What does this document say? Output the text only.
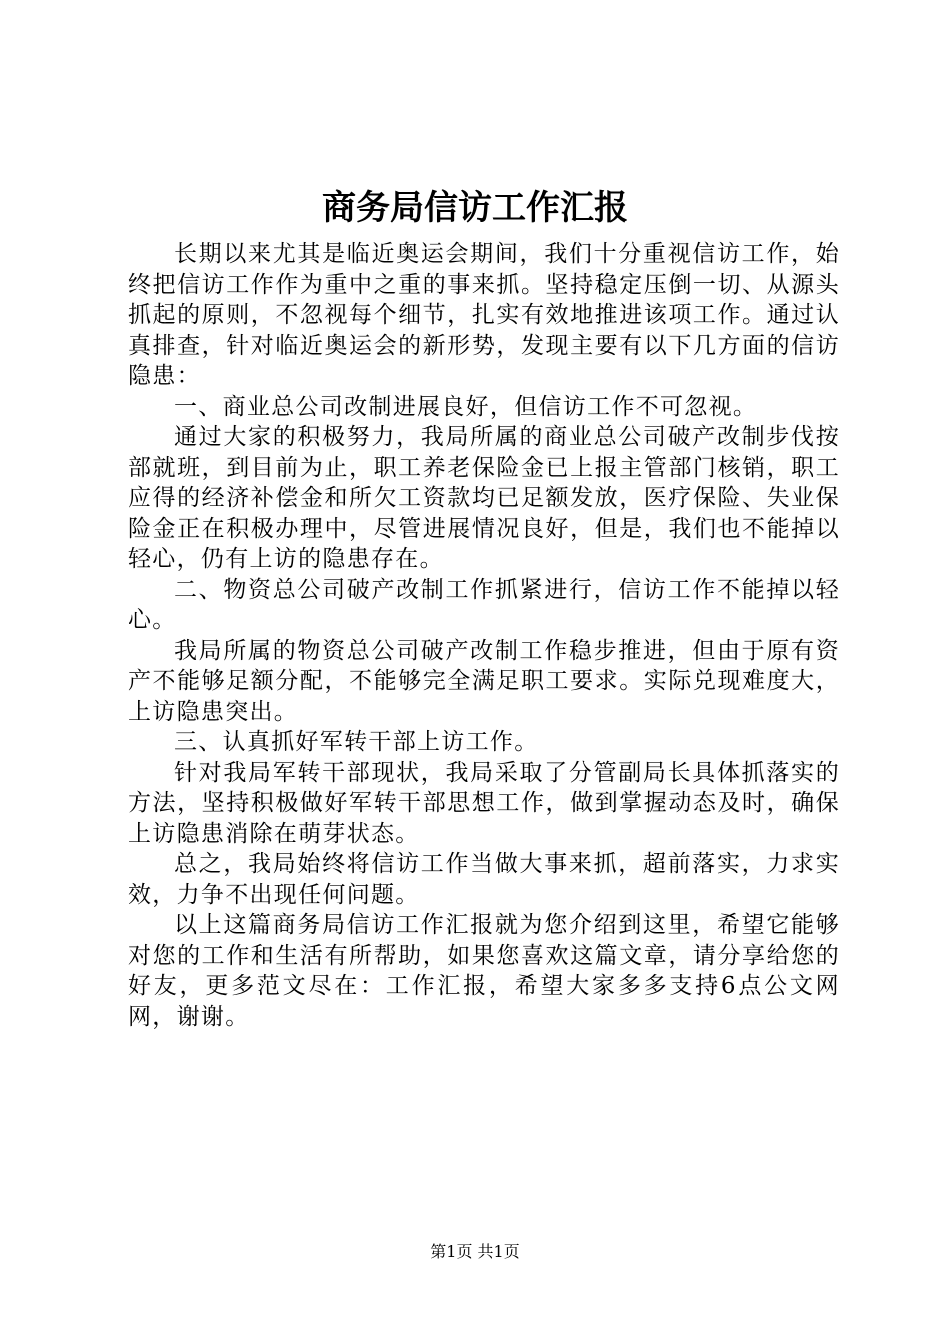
商务局信访工作汇报

长期以来尤其是临近奥运会期间，我们十分重视信访工作，始终把信访工作作为重中之重的事来抓。坚持稳定压倒一切、从源头抓起的原则，不忽视每个细节，扎实有效地推进该项工作。通过认真排查，针对临近奥运会的新形势，发现主要有以下几方面的信访隐患：

一、商业总公司改制进展良好，但信访工作不可忽视。

通过大家的积极努力，我局所属的商业总公司破产改制步伐按部就班，到目前为止，职工养老保险金已上报主管部门核销，职工应得的经济补偿金和所欠工资款均已足额发放，医疗保险、失业保险金正在积极办理中，尽管进展情况良好，但是，我们也不能掉以轻心，仍有上访的隐患存在。

二、物资总公司破产改制工作抓紧进行，信访工作不能掉以轻心。

我局所属的物资总公司破产改制工作稳步推进，但由于原有资产不能够足额分配，不能够完全满足职工要求。实际兑现难度大，上访隐患突出。

三、认真抓好军转干部上访工作。

针对我局军转干部现状，我局采取了分管副局长具体抓落实的方法，坚持积极做好军转干部思想工作，做到掌握动态及时，确保上访隐患消除在萌芽状态。

总之，我局始终将信访工作当做大事来抓，超前落实，力求实效，力争不出现任何问题。

以上这篇商务局信访工作汇报就为您介绍到这里，希望它能够对您的工作和生活有所帮助，如果您喜欢这篇文章，请分享给您的好友，更多范文尽在：工作汇报，希望大家多多支持6点公文网网，谢谢。

第1页 共1页
